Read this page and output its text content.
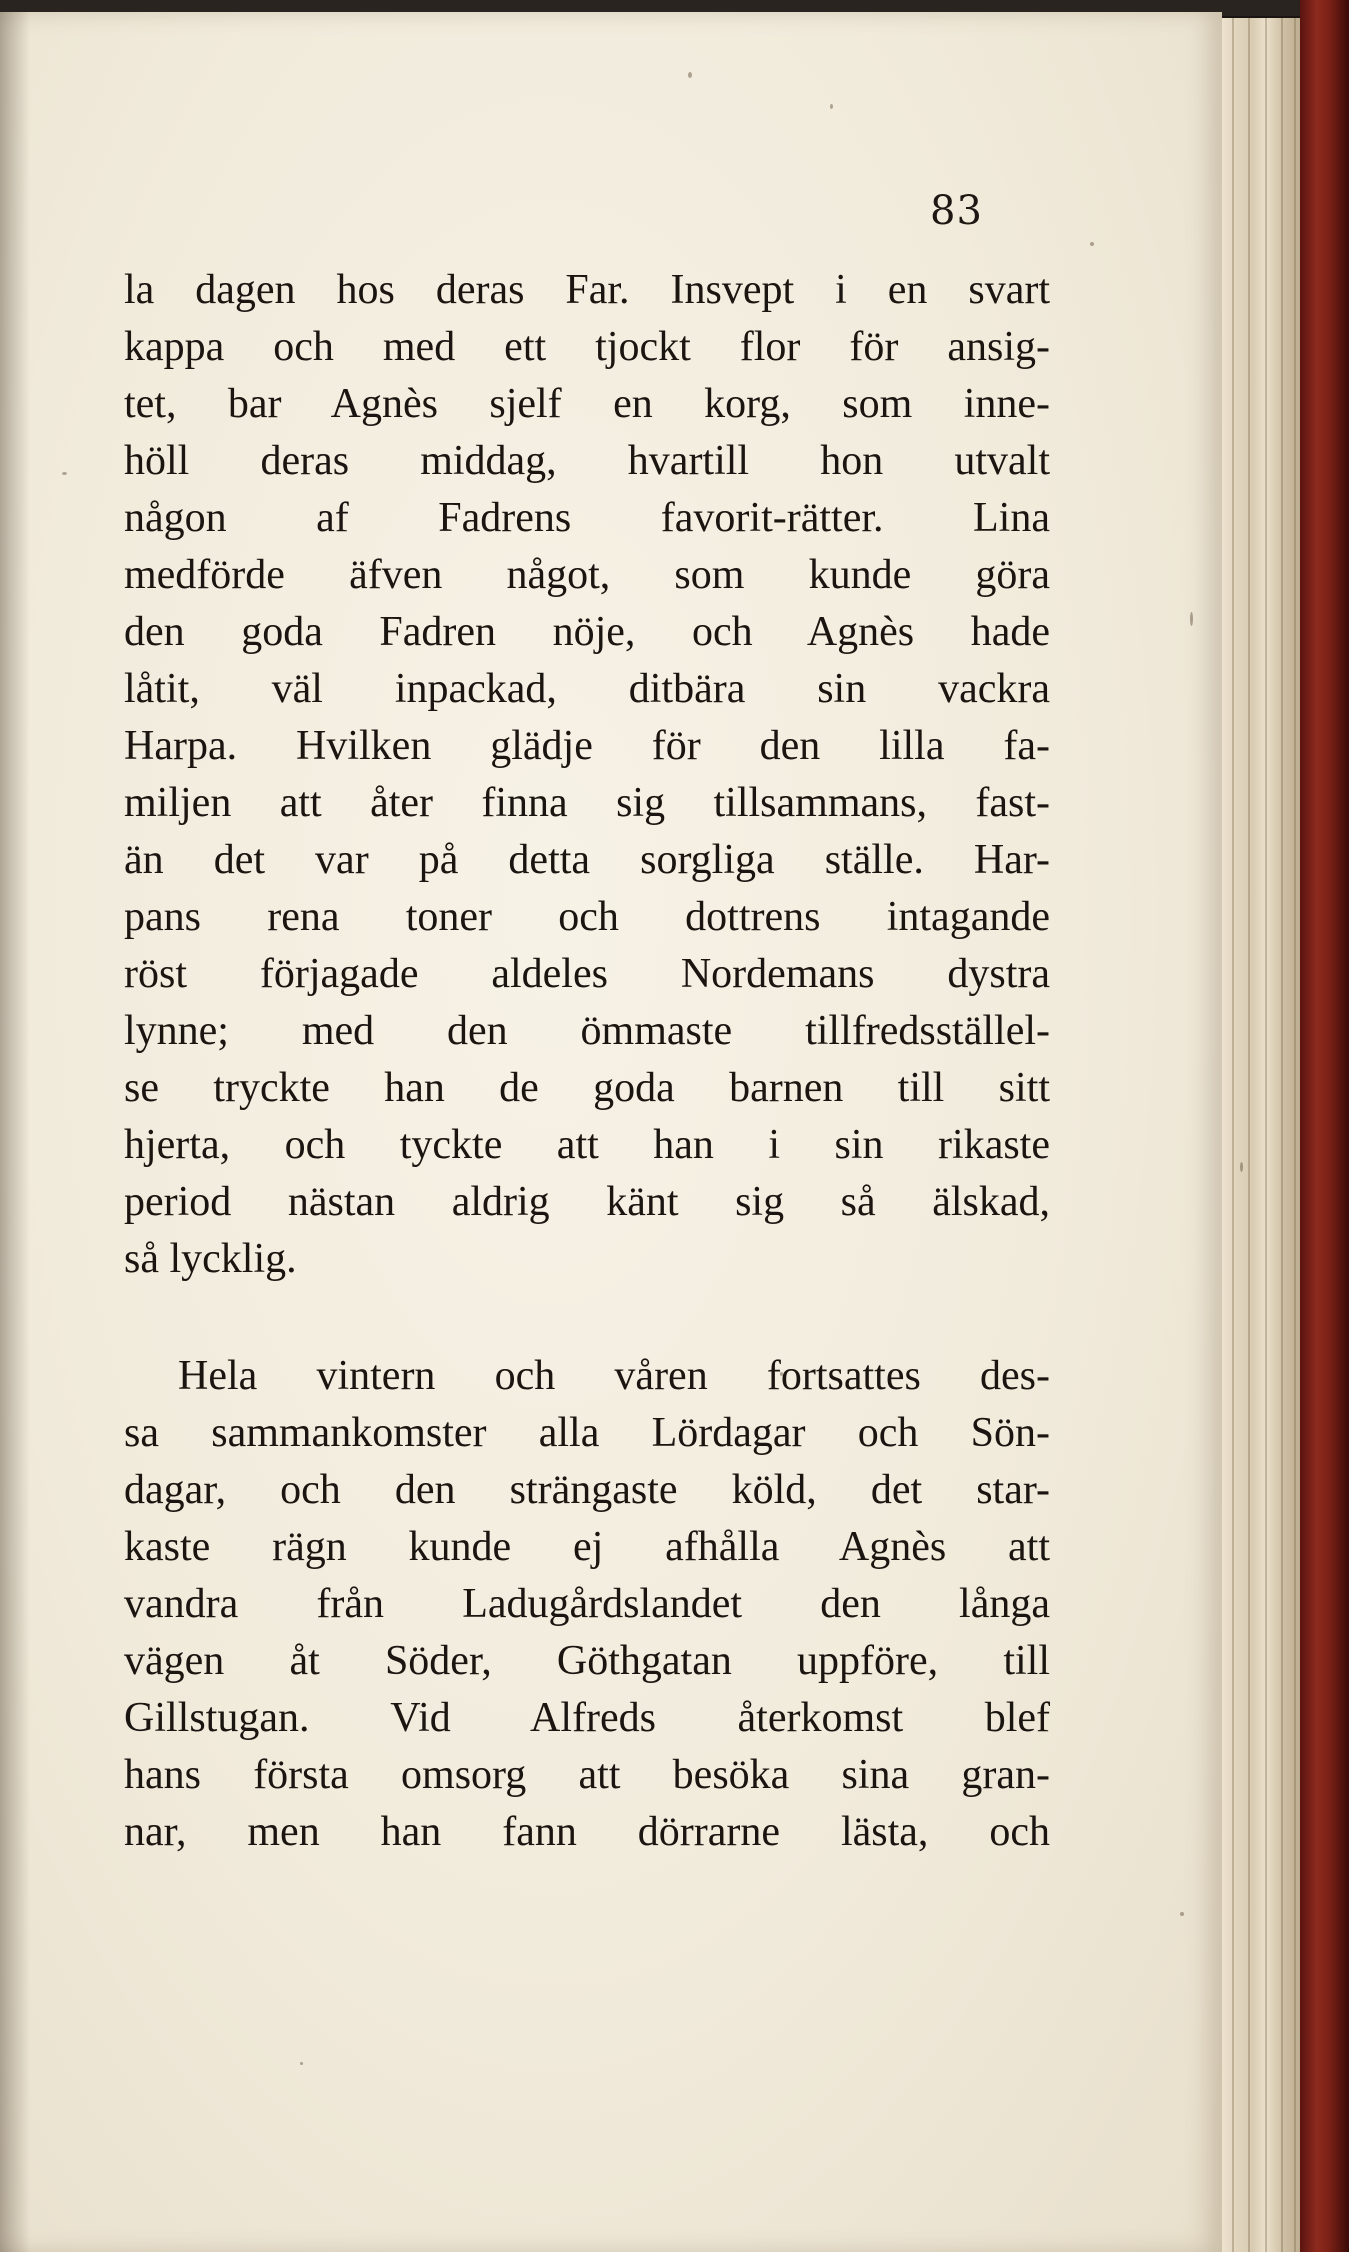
83
la dagen hos deras Far. Insvept i en svart
kappa och med ett tjockt flor för ansig-
tet, bar Agnès sjelf en korg, som inne-
höll deras middag, hvartill hon utvalt
någon af Fadrens favorit-rätter. Lina
medförde äfven något, som kunde göra
den goda Fadren nöje, och Agnès hade
låtit, väl inpackad, ditbära sin vackra
Harpa. Hvilken glädje för den lilla fa-
miljen att åter finna sig tillsammans, fast-
än det var på detta sorgliga ställe. Har-
pans rena toner och dottrens intagande
röst förjagade aldeles Nordemans dystra
lynne; med den ömmaste tillfredsställel-
se tryckte han de goda barnen till sitt
hjerta, och tyckte att han i sin rikaste
period nästan aldrig känt sig så älskad,
så lycklig.
Hela vintern och våren fortsattes des-
sa sammankomster alla Lördagar och Sön-
dagar, och den strängaste köld, det star-
kaste rägn kunde ej afhålla Agnès att
vandra från Ladugårdslandet den långa
vägen åt Söder, Göthgatan uppföre, till
Gillstugan. Vid Alfreds återkomst blef
hans första omsorg att besöka sina gran-
nar, men han fann dörrarne lästa, och
